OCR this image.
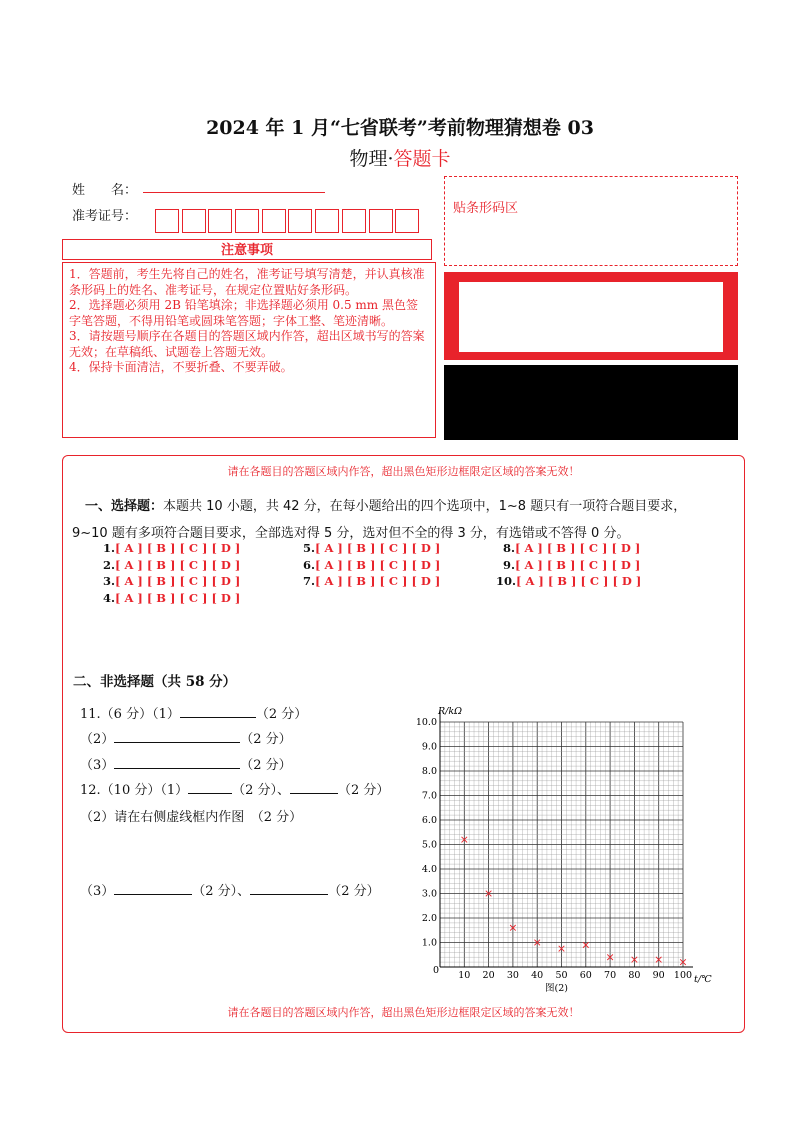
2024 年 1 月“七省联考”考前物理猜想卷 03
物理·答题卡
姓　　名：
准考证号：
注意事项
1．答题前，考生先将自己的姓名，准考证号填写清楚，并认真核准条形码上的姓名、准考证号，在规定位置贴好条形码。
2．选择题必须用 2B 铅笔填涂；非选择题必须用 0.5 mm 黑色签字笔答题，不得用铅笔或圆珠笔答题；字体工整、笔迹清晰。
3．请按题号顺序在各题目的答题区域内作答，超出区域书写的答案无效；在草稿纸、试题卷上答题无效。
4．保持卡面清洁，不要折叠、不要弄破。
贴条形码区
请在各题目的答题区域内作答，超出黑色矩形边框限定区域的答案无效！
一、选择题：本题共 10 小题，共 42 分，在每小题给出的四个选项中，1~8 题只有一项符合题目要求，
9~10 题有多项符合题目要求，全部选对得 5 分，选对但不全的得 3 分，有选错或不答得 0 分。
1.[ A ] [ B ] [ C ] [ D ]
2.[ A ] [ B ] [ C ] [ D ]
3.[ A ] [ B ] [ C ] [ D ]
4.[ A ] [ B ] [ C ] [ D ]
5.[ A ] [ B ] [ C ] [ D ]
6.[ A ] [ B ] [ C ] [ D ]
7.[ A ] [ B ] [ C ] [ D ]
8.[ A ] [ B ] [ C ] [ D ]
9.[ A ] [ B ] [ C ] [ D ]
10.[ A ] [ B ] [ C ] [ D ]
二、非选择题（共 58 分）
11.（6 分）（1）	（2 分）
（2）	（2 分）
（3）	（2 分）
12.（10 分）（1）	（2 分）、	（2 分）
（2）请在右侧虚线框内作图　（2 分）
（3）	（2 分）、	（2 分）
10 20 30 40 50 60 70 80 90 100
1.0
2.0
3.0
4.0
5.0
6.0
7.0
8.0
9.0
10.0
R/kΩ
t/℃
图(2)
0
请在各题目的答题区域内作答，超出黑色矩形边框限定区域的答案无效！
